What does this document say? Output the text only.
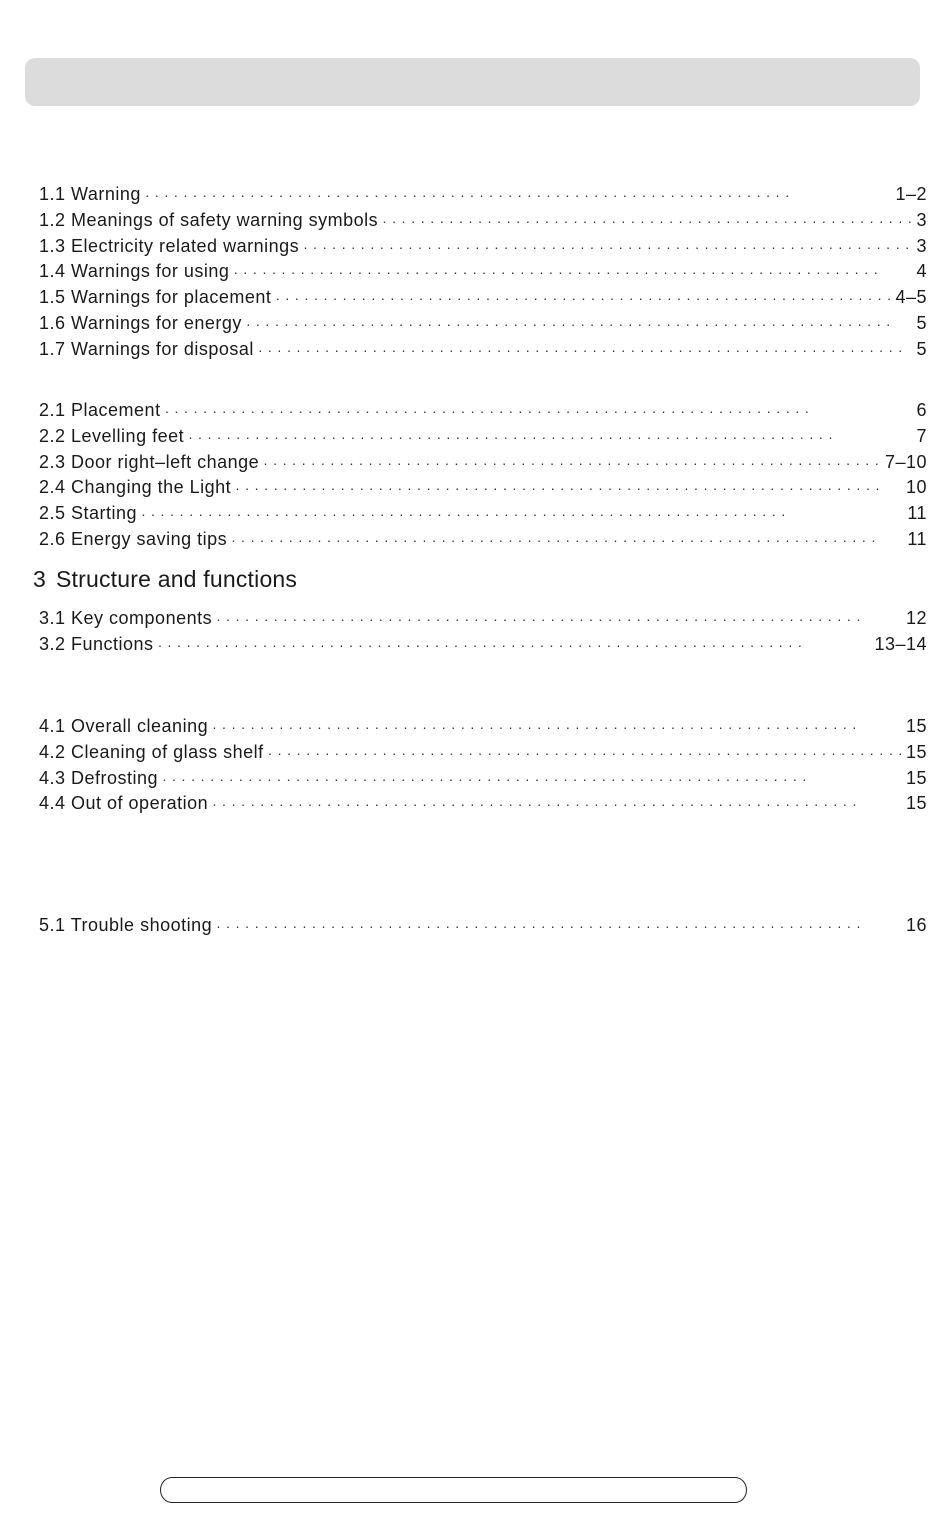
1.1 Warning · · ·	1–2
1.2 Meanings of safety warning symbols · · ·	3
1.3 Electricity related warnings · · ·	3
1.4 Warnings for using · · ·	4
1.5 Warnings for placement · · ·	4–5
1.6 Warnings for energy · · ·	5
1.7 Warnings for disposal · · ·	5
2.1 Placement · · ·	6
2.2 Levelling feet · · ·	7
2.3 Door right–left change · · ·	7–10
2.4 Changing the Light · · ·	10
2.5 Starting · · ·	11
2.6 Energy saving tips · · ·	11
3 Structure and functions
3.1 Key components · · ·	12
3.2 Functions · · ·	13–14
4.1 Overall cleaning · · ·	15
4.2 Cleaning of glass shelf · · ·	15
4.3 Defrosting · · ·	15
4.4 Out of operation · · ·	15
5.1 Trouble shooting · · ·	16
